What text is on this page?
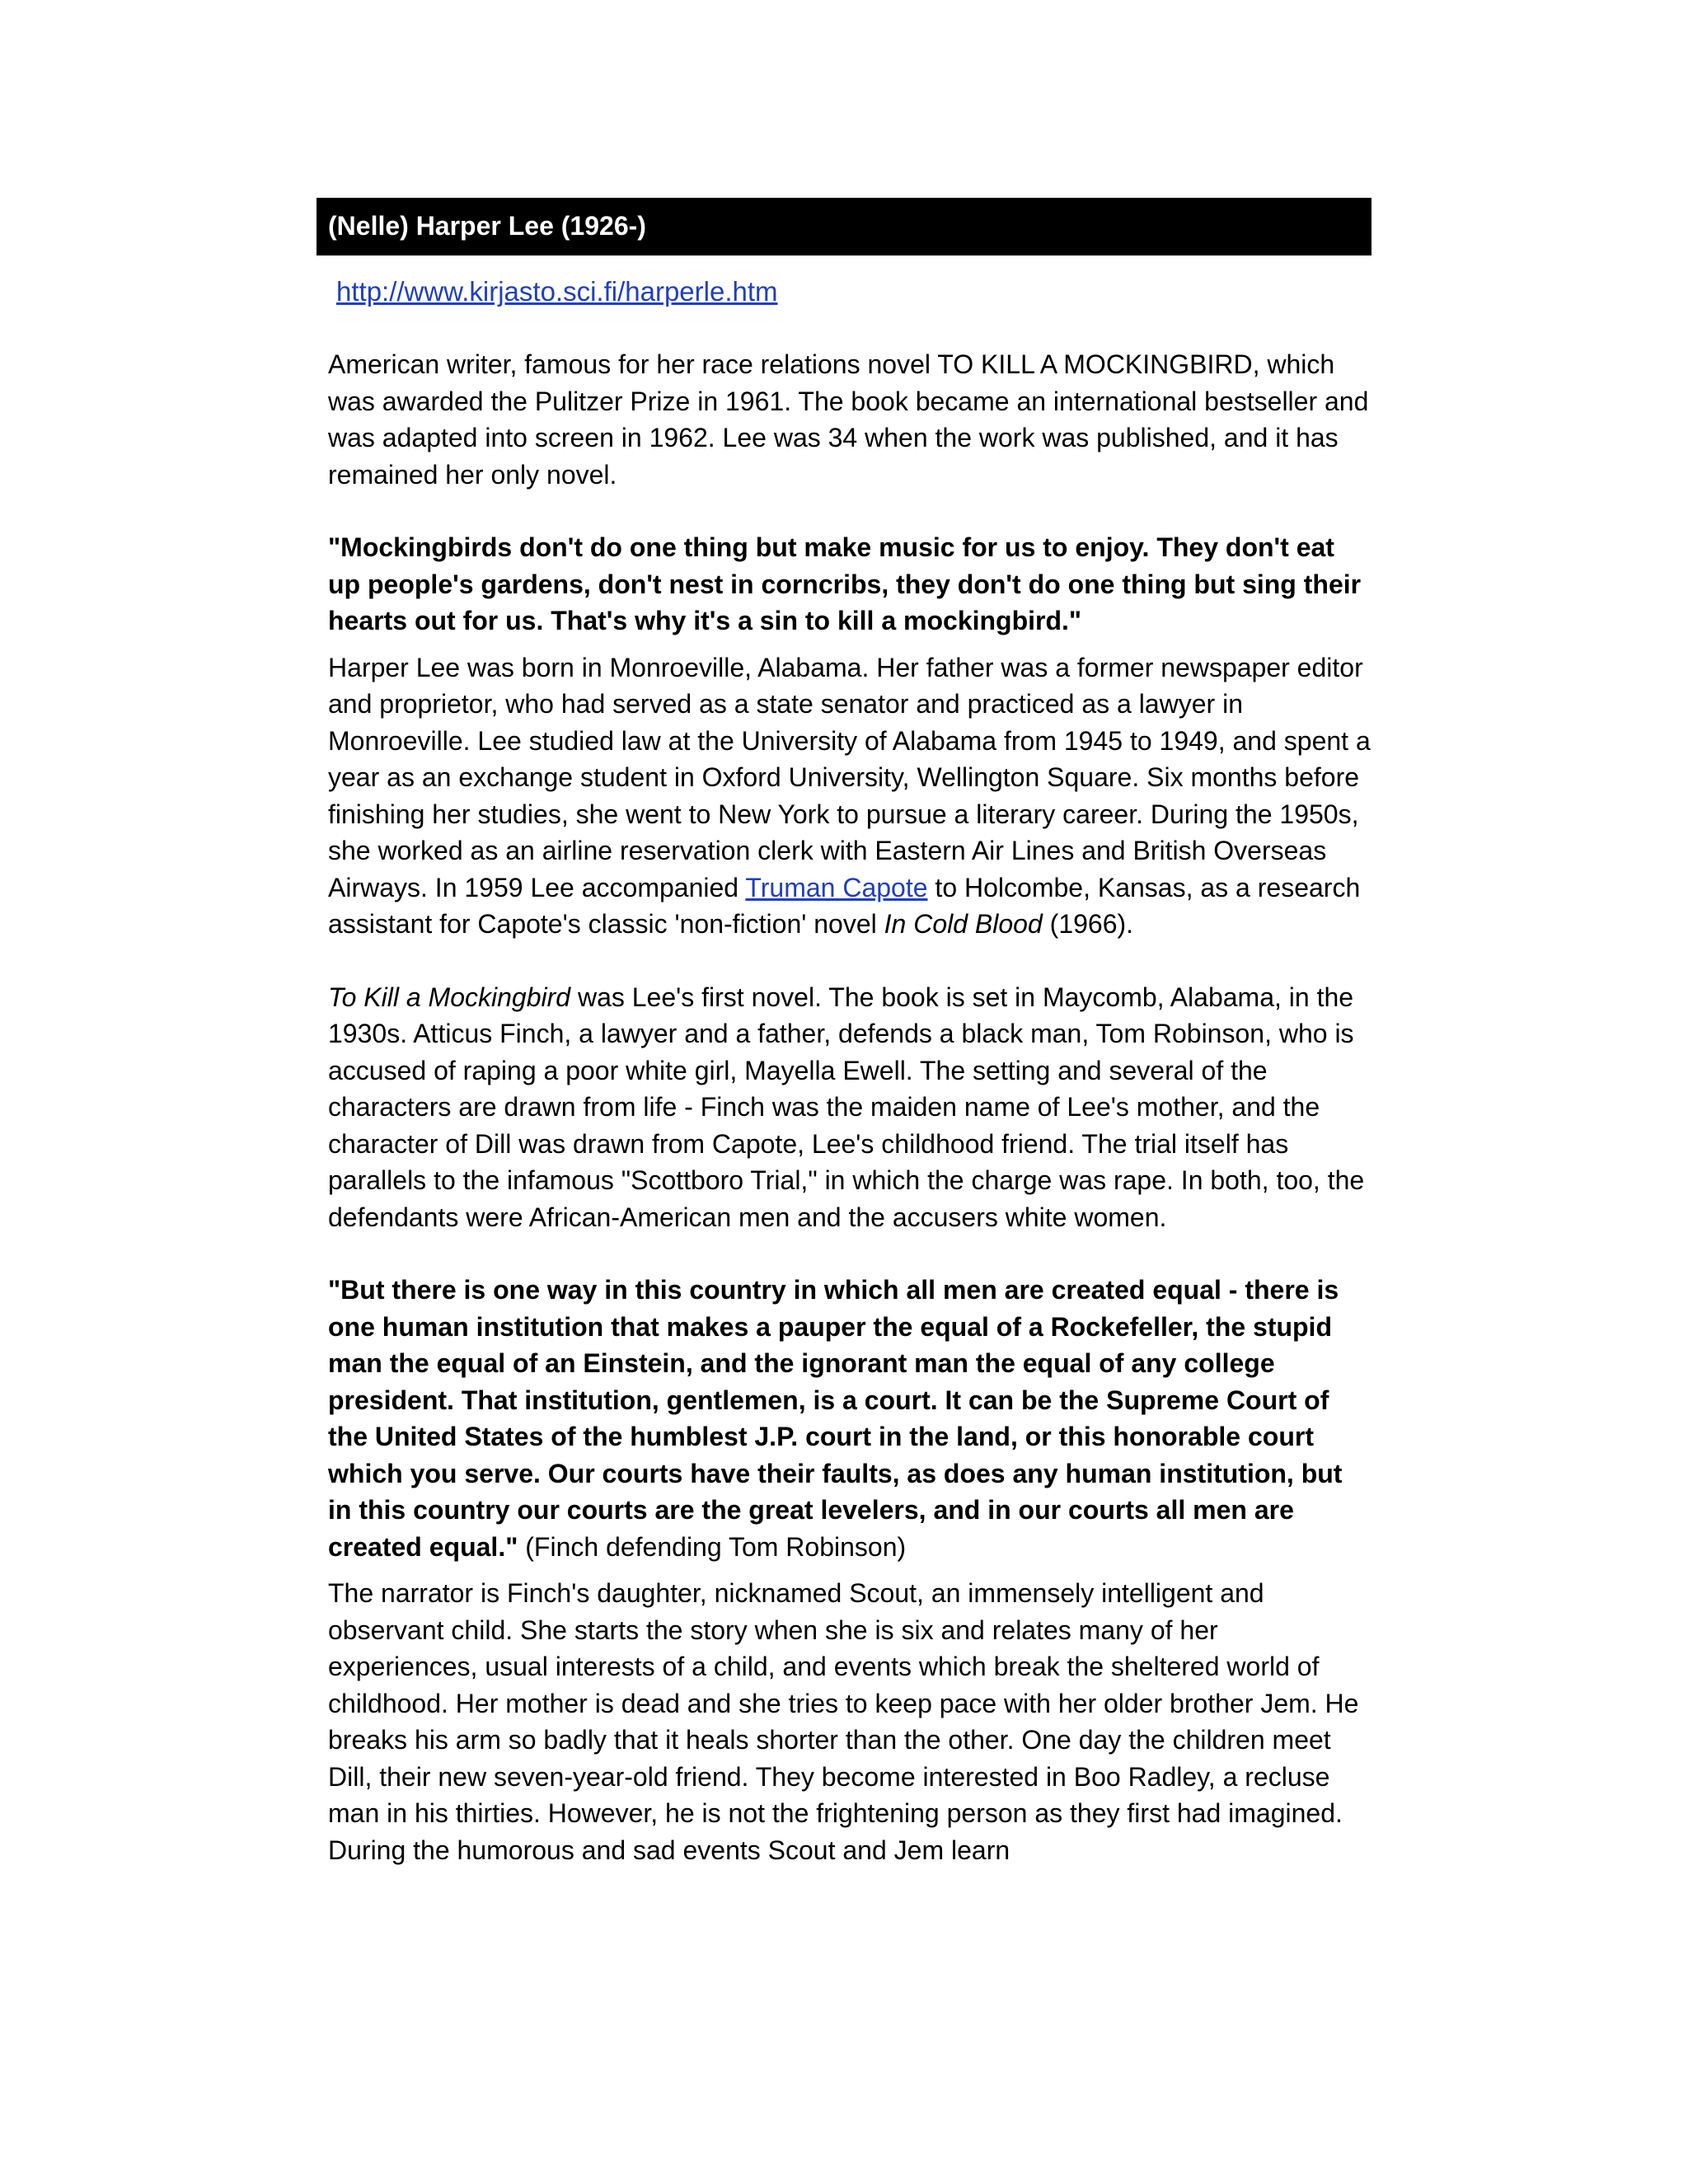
(Nelle) Harper Lee (1926-)
http://www.kirjasto.sci.fi/harperle.htm

American writer, famous for her race relations novel TO KILL A MOCKINGBIRD, which was awarded the Pulitzer Prize in 1961. The book became an international bestseller and was adapted into screen in 1962. Lee was 34 when the work was published, and it has remained her only novel.

"Mockingbirds don't do one thing but make music for us to enjoy. They don't eat up people's gardens, don't nest in corncribs, they don't do one thing but sing their hearts out for us. That's why it's a sin to kill a mockingbird."

Harper Lee was born in Monroeville, Alabama. Her father was a former newspaper editor and proprietor, who had served as a state senator and practiced as a lawyer in Monroeville. Lee studied law at the University of Alabama from 1945 to 1949, and spent a year as an exchange student in Oxford University, Wellington Square. Six months before finishing her studies, she went to New York to pursue a literary career. During the 1950s, she worked as an airline reservation clerk with Eastern Air Lines and British Overseas Airways. In 1959 Lee accompanied Truman Capote to Holcombe, Kansas, as a research assistant for Capote's classic 'non-fiction' novel In Cold Blood (1966).

To Kill a Mockingbird was Lee's first novel. The book is set in Maycomb, Alabama, in the 1930s. Atticus Finch, a lawyer and a father, defends a black man, Tom Robinson, who is accused of raping a poor white girl, Mayella Ewell. The setting and several of the characters are drawn from life - Finch was the maiden name of Lee's mother, and the character of Dill was drawn from Capote, Lee's childhood friend. The trial itself has parallels to the infamous "Scottboro Trial," in which the charge was rape. In both, too, the defendants were African-American men and the accusers white women.

"But there is one way in this country in which all men are created equal - there is one human institution that makes a pauper the equal of a Rockefeller, the stupid man the equal of an Einstein, and the ignorant man the equal of any college president. That institution, gentlemen, is a court. It can be the Supreme Court of the United States of the humblest J.P. court in the land, or this honorable court which you serve. Our courts have their faults, as does any human institution, but in this country our courts are the great levelers, and in our courts all men are created equal." (Finch defending Tom Robinson)

The narrator is Finch's daughter, nicknamed Scout, an immensely intelligent and observant child. She starts the story when she is six and relates many of her experiences, usual interests of a child, and events which break the sheltered world of childhood. Her mother is dead and she tries to keep pace with her older brother Jem. He breaks his arm so badly that it heals shorter than the other. One day the children meet Dill, their new seven-year-old friend. They become interested in Boo Radley, a recluse man in his thirties. However, he is not the frightening person as they first had imagined. During the humorous and sad events Scout and Jem learn
